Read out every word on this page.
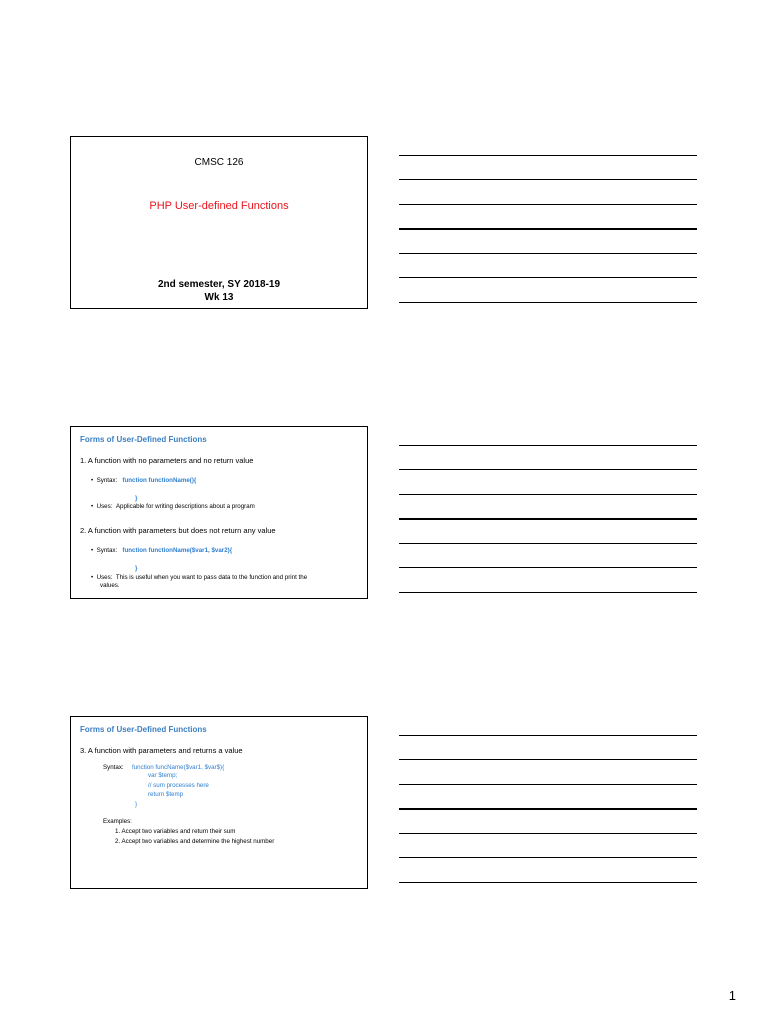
CMSC 126
PHP User-defined Functions
2nd semester, SY 2018-19
Wk 13
Forms of User-Defined Functions
1. A function with no parameters and no return value
•  Syntax: function functionName(){
}
•  Uses: Applicable for writing descriptions about a program
2. A function with parameters but does not return any value
•  Syntax: function functionName($var1, $var2){
}
•  Uses: This is useful when you want to pass data to the function and print the
values.
Forms of User-Defined Functions
3. A function with parameters and returns a value
Syntax: function funcName($var1, $var$){
var $temp;
// sum processes here
return $temp
}
Examples:
1. Accept two variables and return their sum
2. Accept two variables and determine the highest number
1
